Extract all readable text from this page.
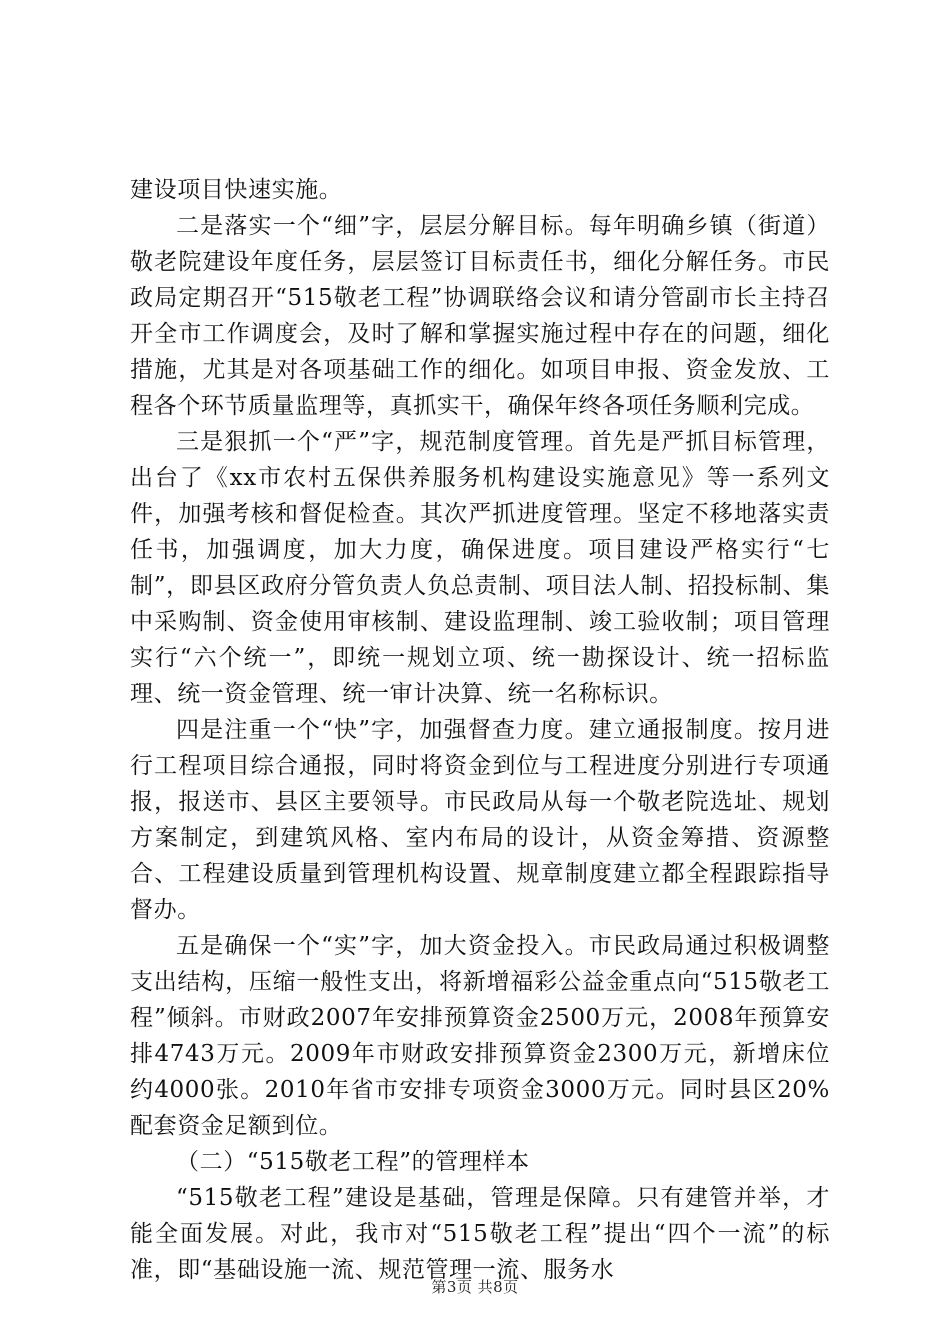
建设项目快速实施。

二是落实一个“细”字，层层分解目标。每年明确乡镇（街道）敬老院建设年度任务，层层签订目标责任书，细化分解任务。市民政局定期召开“515敬老工程”协调联络会议和请分管副市长主持召开全市工作调度会，及时了解和掌握实施过程中存在的问题，细化措施，尤其是对各项基础工作的细化。如项目申报、资金发放、工程各个环节质量监理等，真抓实干，确保年终各项任务顺利完成。

三是狠抓一个“严”字，规范制度管理。首先是严抓目标管理，出台了《xx市农村五保供养服务机构建设实施意见》等一系列文件，加强考核和督促检查。其次严抓进度管理。坚定不移地落实责任书，加强调度，加大力度，确保进度。项目建设严格实行“七制”，即县区政府分管负责人负总责制、项目法人制、招投标制、集中采购制、资金使用审核制、建设监理制、竣工验收制；项目管理实行“六个统一”，即统一规划立项、统一勘探设计、统一招标监理、统一资金管理、统一审计决算、统一名称标识。

四是注重一个“快”字，加强督查力度。建立通报制度。按月进行工程项目综合通报，同时将资金到位与工程进度分别进行专项通报，报送市、县区主要领导。市民政局从每一个敬老院选址、规划方案制定，到建筑风格、室内布局的设计，从资金筹措、资源整合、工程建设质量到管理机构设置、规章制度建立都全程跟踪指导督办。

五是确保一个“实”字，加大资金投入。市民政局通过积极调整支出结构，压缩一般性支出，将新增福彩公益金重点向“515敬老工程”倾斜。市财政2007年安排预算资金2500万元，2008年预算安排4743万元。2009年市财政安排预算资金2300万元，新增床位约4000张。2010年省市安排专项资金3000万元。同时县区20%配套资金足额到位。

（二）“515敬老工程”的管理样本

“515敬老工程”建设是基础，管理是保障。只有建管并举，才能全面发展。对此，我市对“515敬老工程”提出“四个一流”的标准，即“基础设施一流、规范管理一流、服务水

第3页 共8页
